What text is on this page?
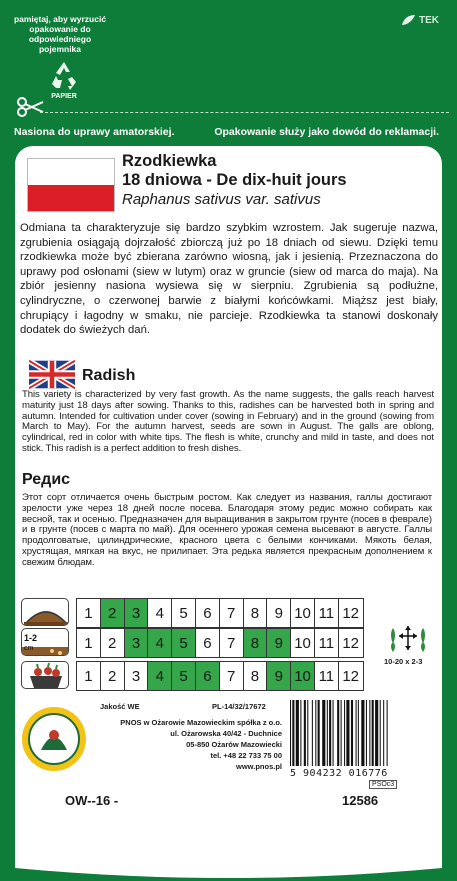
pamiętaj, aby wyrzucić opakowanie do odpowiedniego pojemnika
PAPIER
TEK
Nasiona do uprawy amatorskiej.	Opakowanie służy jako dowód do reklamacji.
Rzodkiewka
18 dniowa - De dix-huit jours
Raphanus sativus var. sativus
Odmiana ta charakteryzuje się bardzo szybkim wzrostem. Jak sugeruje nazwa, zgrubienia osiągają dojrzałość zbiorczą już po 18 dniach od siewu. Dzięki temu rzodkiewka może być zbierana zarówno wiosną, jak i jesienią. Przeznaczona do uprawy pod osłonami (siew w lutym) oraz w gruncie (siew od marca do maja). Na zbiór jesienny nasiona wysiewa się w sierpniu. Zgrubienia są podłużne, cylindryczne, o czerwonej barwie z białymi końcówkami. Miąższ jest biały, chrupiący i łagodny w smaku, nie parcieje. Rzodkiewka ta stanowi doskonały dodatek do świeżych dań.
Radish
This variety is characterized by very fast growth. As the name suggests, the galls reach harvest maturity just 18 days after sowing. Thanks to this, radishes can be harvested both in spring and autumn. Intended for cultivation under cover (sowing in February) and in the ground (sowing from March to May). For the autumn harvest, seeds are sown in August. The galls are oblong, cylindrical, red in color with white tips. The flesh is white, crunchy and mild in taste, and does not stick. This radish is a perfect addition to fresh dishes.
Редис
Этот сорт отличается очень быстрым ростом. Как следует из названия, галлы достигают зрелости уже через 18 дней после посева. Благодаря этому редис можно собирать как весной, так и осенью. Предназначен для выращивания в закрытом грунте (посев в феврале) и в грунте (посев с марта по май). Для осеннего урожая семена высевают в августе. Галлы продолговатые, цилиндрические, красного цвета с белыми кончиками. Мякоть белая, хрустящая, мягкая на вкус, не прилипает. Эта редька является прекрасным дополнением к свежим блюдам.
1	2	3	4	5	6	7	8	9 10 11 12
1-2
cm	1	2	3	4	5	6	7	8	9 10 11 12
1	2	3	4	5	6	7	8	9 10 11 12
10-20 x 2-3
Jakość WE	PL-14/32/17672
PNOS w Ożarowie Mazowieckim spółka z o.o.
ul. Ożarowska 40/42 - Duchnice
05-850 Ożarów Mazowiecki
tel. +48 22 733 75 00
www.pnos.pl
5 904232 016776
PSOc3
OW--16 -	12586
